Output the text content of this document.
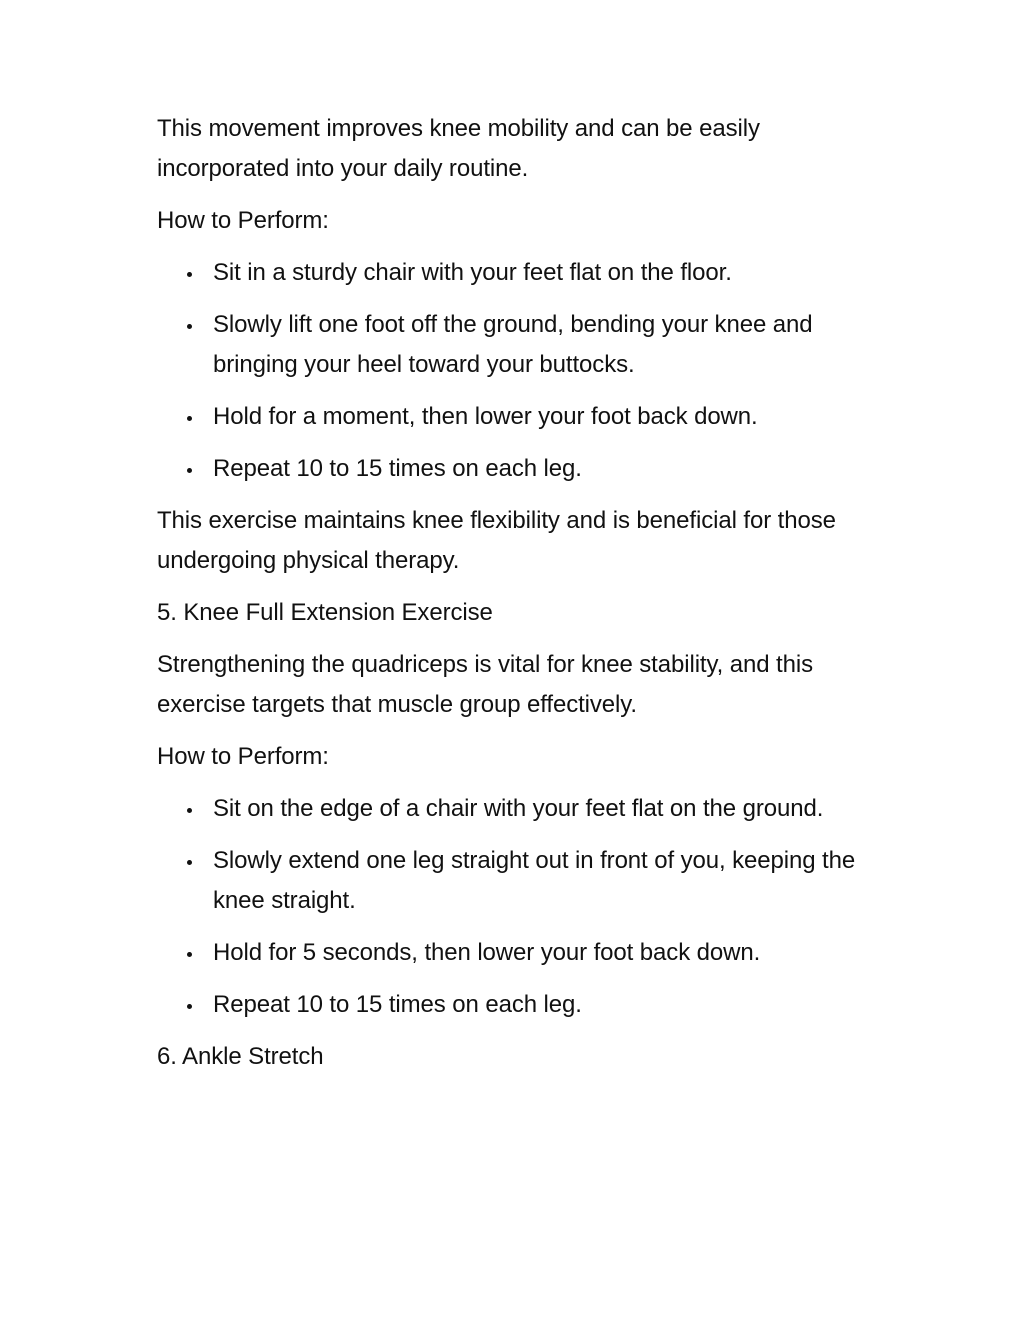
This movement improves knee mobility and can be easily incorporated into your daily routine.

How to Perform:

Sit in a sturdy chair with your feet flat on the floor.
Slowly lift one foot off the ground, bending your knee and bringing your heel toward your buttocks.
Hold for a moment, then lower your foot back down.
Repeat 10 to 15 times on each leg.

This exercise maintains knee flexibility and is beneficial for those undergoing physical therapy.

5. Knee Full Extension Exercise

Strengthening the quadriceps is vital for knee stability, and this exercise targets that muscle group effectively.

How to Perform:

Sit on the edge of a chair with your feet flat on the ground.
Slowly extend one leg straight out in front of you, keeping the knee straight.
Hold for 5 seconds, then lower your foot back down.
Repeat 10 to 15 times on each leg.

6. Ankle Stretch
